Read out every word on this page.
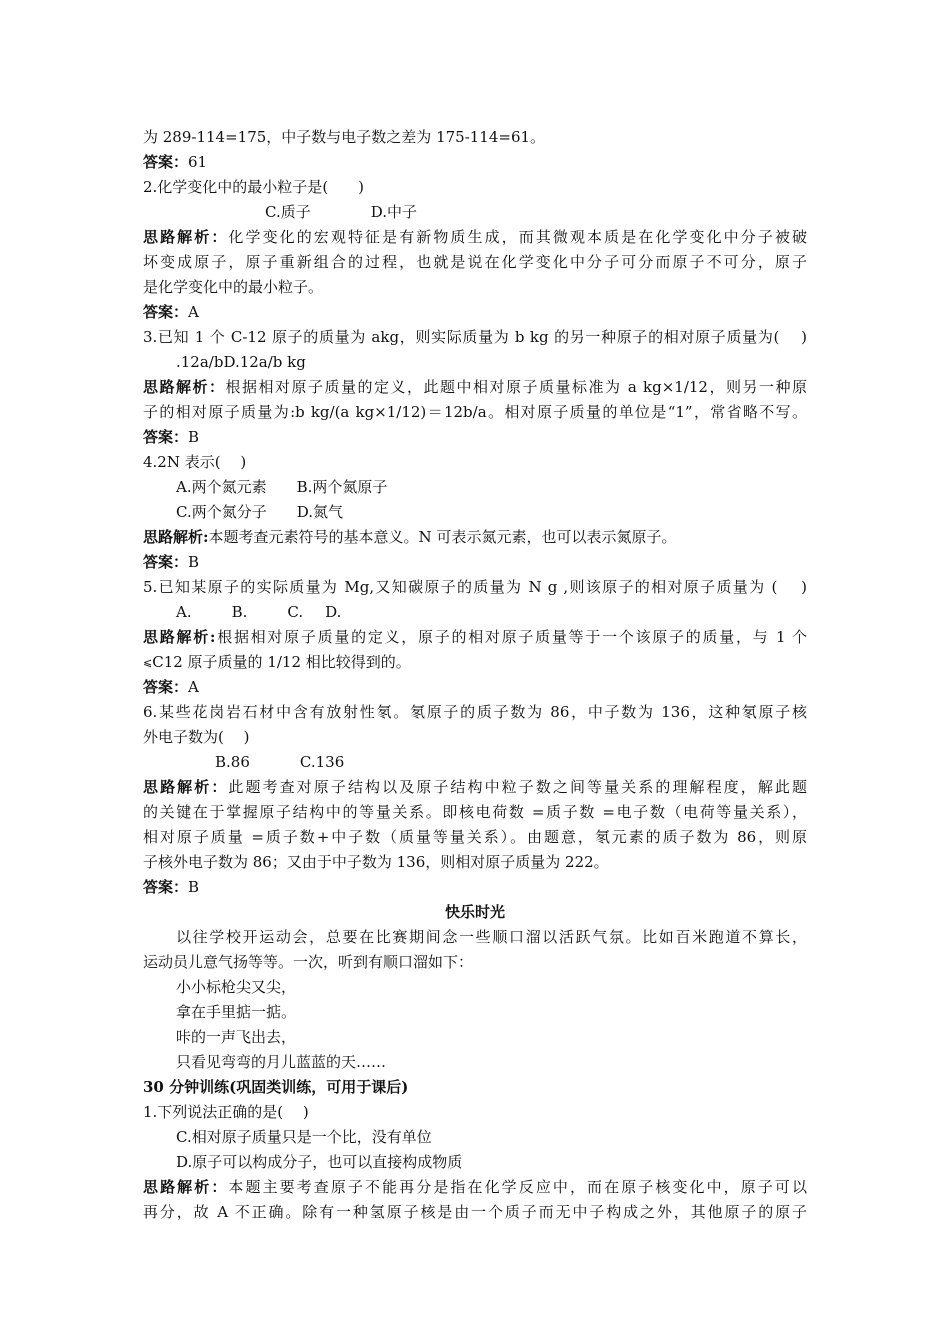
为 289-114=175，中子数与电子数之差为 175-114=61。
答案：61
2.化学变化中的最小粒子是(　　)
C.质子	D.中子
思路解析：化学变化的宏观特征是有新物质生成，而其微观本质是在化学变化中分子被破
坏变成原子，原子重新组合的过程，也就是说在化学变化中分子可分而原子不可分，原子
是化学变化中的最小粒子。
答案：A
3.已知 1 个 C-12 原子的质量为 akg，则实际质量为 b kg 的另一种原子的相对原子质量为(　 )
.12a/bD.12a/b kg
思路解析：根据相对原子质量的定义，此题中相对原子质量标准为 a kg×1/12，则另一种原
子的相对原子质量为:b kg/(a kg×1/12)＝12b/a。相对原子质量的单位是“1”，常省略不写。
答案：B
4.2N 表示(　 )
A.两个氮元素 B.两个氮原子
C.两个氮分子 D.氮气
思路解析:本题考查元素符号的基本意义。N 可表示氮元素，也可以表示氮原子。
答案：B
5.已知某原子的实际质量为 Mg,又知碳原子的质量为 N g ,则该原子的相对原子质量为 (　 )
A.	B.	C. D.
思路解析:根据相对原子质量的定义，原子的相对原子质量等于一个该原子的质量，与 1 个
⩽C12 原子质量的 1/12 相比较得到的。
答案：A
6.某些花岗岩石材中含有放射性氡。氡原子的质子数为 86，中子数为 136，这种氡原子核
外电子数为(　 )
B.86	C.136
思路解析：此题考查对原子结构以及原子结构中粒子数之间等量关系的理解程度，解此题
的关键在于掌握原子结构中的等量关系。即核电荷数 =质子数 =电子数（电荷等量关系），
相对原子质量 =质子数+中子数（质量等量关系）。由题意，氡元素的质子数为 86，则原
子核外电子数为 86；又由于中子数为 136，则相对原子质量为 222。
答案：B
快乐时光
以往学校开运动会，总要在比赛期间念一些顺口溜以活跃气氛。比如百米跑道不算长，
运动员儿意气扬等等。一次，听到有顺口溜如下：
小小标枪尖又尖，
拿在手里掂一掂。
咔的一声飞出去，
只看见弯弯的月儿蓝蓝的天……
30 分钟训练(巩固类训练，可用于课后)
1.下列说法正确的是(　 )
C.相对原子质量只是一个比，没有单位
D.原子可以构成分子，也可以直接构成物质
思路解析：本题主要考查原子不能再分是指在化学反应中，而在原子核变化中，原子可以
再分，故 A 不正确。除有一种氢原子核是由一个质子而无中子构成之外，其他原子的原子
